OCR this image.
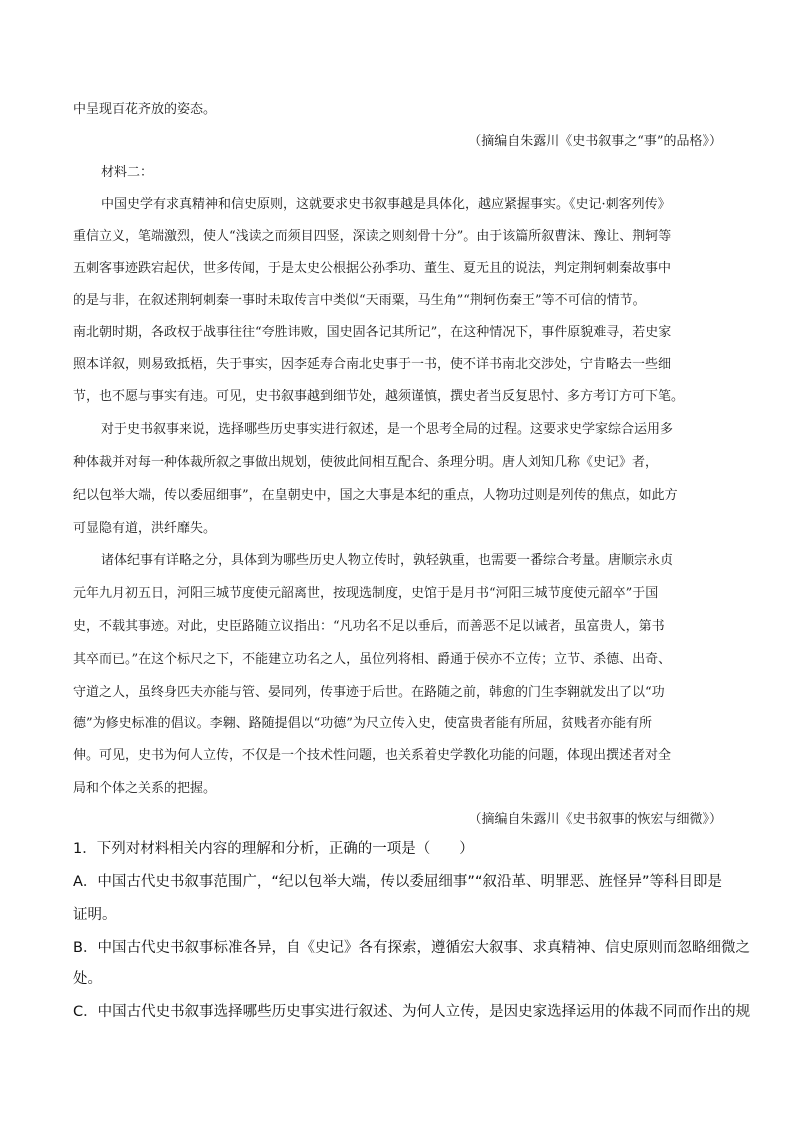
中呈现百花齐放的姿态。
（摘编自朱露川《史书叙事之“事”的品格》）
材料二：
中国史学有求真精神和信史原则，这就要求史书叙事越是具体化，越应紧握事实。《史记·刺客列传》
重信立义，笔端激烈，使人“浅读之而须目四竖，深读之则刻骨十分”。由于该篇所叙曹沫、豫让、荆轲等
五刺客事迹跌宕起伏，世多传闻，于是太史公根据公孙季功、董生、夏无且的说法，判定荆轲刺秦故事中
的是与非，在叙述荆轲刺秦一事时未取传言中类似“天雨粟，马生角”“荆轲伤秦王”等不可信的情节。
南北朝时期，各政权于战事往往“夸胜讳败，国史固各记其所记”，在这种情况下，事件原貌难寻，若史家
照本详叙，则易致抵梧，失于事实，因李延寿合南北史事于一书，使不详书南北交涉处，宁肯略去一些细
节，也不愿与事实有违。可见，史书叙事越到细节处，越须谨慎，撰史者当反复思忖、多方考订方可下笔。
对于史书叙事来说，选择哪些历史事实进行叙述，是一个思考全局的过程。这要求史学家综合运用多
种体裁并对每一种体裁所叙之事做出规划，使彼此间相互配合、条理分明。唐人刘知几称《史记》者，
纪以包举大端，传以委屈细事”，在皇朝史中，国之大事是本纪的重点，人物功过则是列传的焦点，如此方
可显隐有道，洪纤靡失。
诸体纪事有详略之分，具体到为哪些历史人物立传时，孰轻孰重，也需要一番综合考量。唐顺宗永贞
元年九月初五日，河阳三城节度使元韶离世，按现选制度，史馆于是月书“河阳三城节度使元韶卒”于国
史，不载其事迹。对此，史臣路随立议指出：“凡功名不足以垂后，而善恶不足以诫者，虽富贵人，第书
其卒而已。”在这个标尺之下，不能建立功名之人，虽位列将相、爵通于侯亦不立传；立节、杀德、出奇、
守道之人，虽终身匹夫亦能与管、晏同列，传事迹于后世。在路随之前，韩愈的门生李翱就发出了以“功
德”为修史标准的倡议。李翱、路随提倡以“功德”为尺立传入史，使富贵者能有所屈，贫贱者亦能有所
伸。可见，史书为何人立传，不仅是一个技术性问题，也关系着史学教化功能的问题，体现出撰述者对全
局和个体之关系的把握。
（摘编自朱露川《史书叙事的恢宏与细微》）
1．下列对材料相关内容的理解和分析，正确的一项是（　　）
A．中国古代史书叙事范围广，“纪以包举大端，传以委屈细事”“叙沿革、明罪恶、旌怪异”等科目即是
证明。
B．中国古代史书叙事标准各异，自《史记》各有探索，遵循宏大叙事、求真精神、信史原则而忽略细微之
处。
C．中国古代史书叙事选择哪些历史事实进行叙述、为何人立传，是因史家选择运用的体裁不同而作出的规
